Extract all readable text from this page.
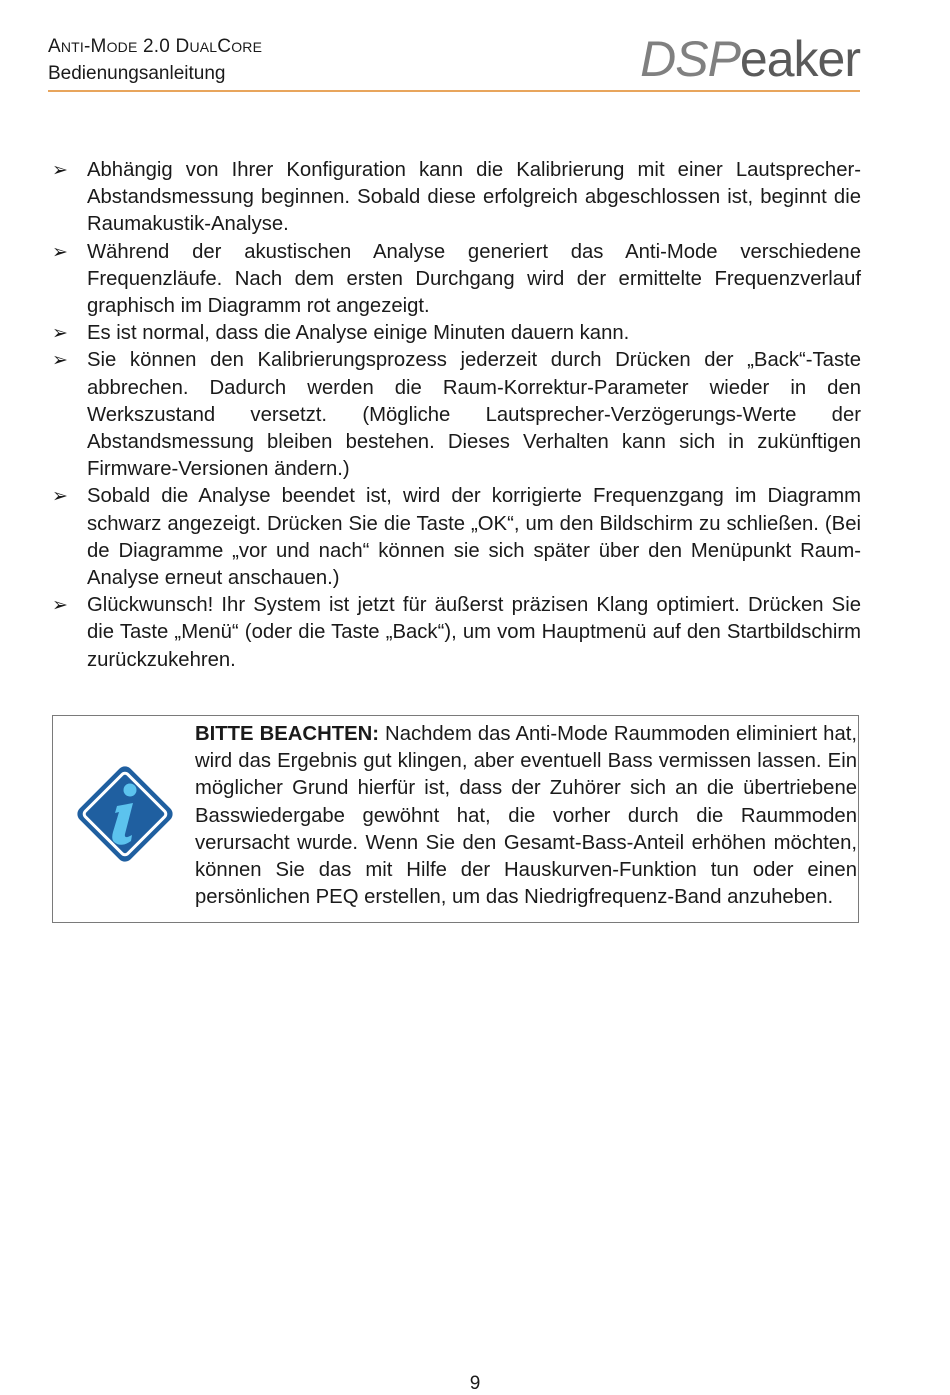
ANTI-MODE 2.0 DUALCORE
Bedienungsanleitung	DSPeaker
➢ Abhängig von Ihrer Konfiguration kann die Kalibrierung mit einer Lautsprecher-Abstandsmessung beginnen. Sobald diese erfolgreich abgeschlossen ist, beginnt die Raumakustik-Analyse.
➢ Während der akustischen Analyse generiert das Anti-Mode verschiedene Frequenzläufe. Nach dem ersten Durchgang wird der ermittelte Frequenzverlauf graphisch im Diagramm rot angezeigt.
➢ Es ist normal, dass die Analyse einige Minuten dauern kann.
➢ Sie können den Kalibrierungsprozess jederzeit durch Drücken der „Back“-Taste abbrechen. Dadurch werden die Raum-Korrektur-Parameter wieder in den Werkszustand versetzt. (Mögliche Lautsprecher-Verzögerungs-Werte der Abstandsmessung bleiben bestehen. Dieses Verhalten kann sich in zukünftigen Firmware-Versionen ändern.)
➢ Sobald die Analyse beendet ist, wird der korrigierte Frequenzgang im Diagramm schwarz angezeigt. Drücken Sie die Taste „OK“, um den Bildschirm zu schließen. (Bei de Diagramme „vor und nach“ können sie sich später über den Menüpunkt Raum-Analyse erneut anschauen.)
➢ Glückwunsch! Ihr System ist jetzt für äußerst präzisen Klang optimiert. Drücken Sie die Taste „Menü“ (oder die Taste „Back“), um vom Hauptmenü auf den Startbildschirm zurückzukehren.
BITTE BEACHTEN: Nachdem das Anti-Mode Raummoden eliminiert hat, wird das Ergebnis gut klingen, aber eventuell Bass vermissen lassen. Ein möglicher Grund hierfür ist, dass der Zuhörer sich an die übertriebene Basswiedergabe gewöhnt hat, die vorher durch die Raummoden verursacht wurde. Wenn Sie den Gesamt-Bass-Anteil erhöhen möchten, können Sie das mit Hilfe der Hauskurven-Funktion tun oder einen persönlichen PEQ erstellen, um das Niedrigfrequenz-Band anzuheben.
9
